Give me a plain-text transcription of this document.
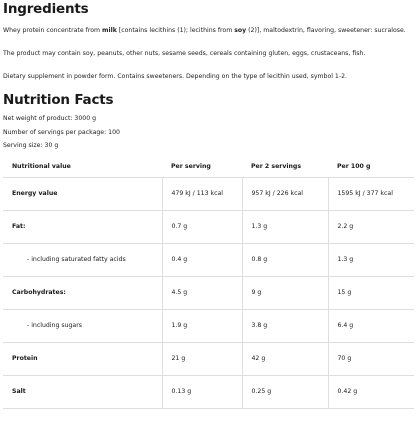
Ingredients

Whey protein concentrate from milk [contains lecithins (1); lecithins from soy (2)], maltodextrin, flavoring, sweetener: sucralose.

The product may contain soy, peanuts, other nuts, sesame seeds, cereals containing gluten, eggs, crustaceans, fish.

Dietary supplement in powder form. Contains sweeteners. Depending on the type of lecithin used, symbol 1-2.

Nutrition Facts

Net weight of product: 3000 g

Number of servings per package: 100

Serving size: 30 g

Nutritional value	Per serving	Per 2 servings	Per 100 g
Energy value	479 kJ / 113 kcal	957 kJ / 226 kcal	1595 kJ / 377 kcal
Fat:	0.7 g	1.3 g	2.2 g
- including saturated fatty acids	0.4 g	0.8 g	1.3 g
Carbohydrates:	4.5 g	9 g	15 g
- including sugars	1.9 g	3.8 g	6.4 g
Protein	21 g	42 g	70 g
Salt	0.13 g	0.25 g	0.42 g
